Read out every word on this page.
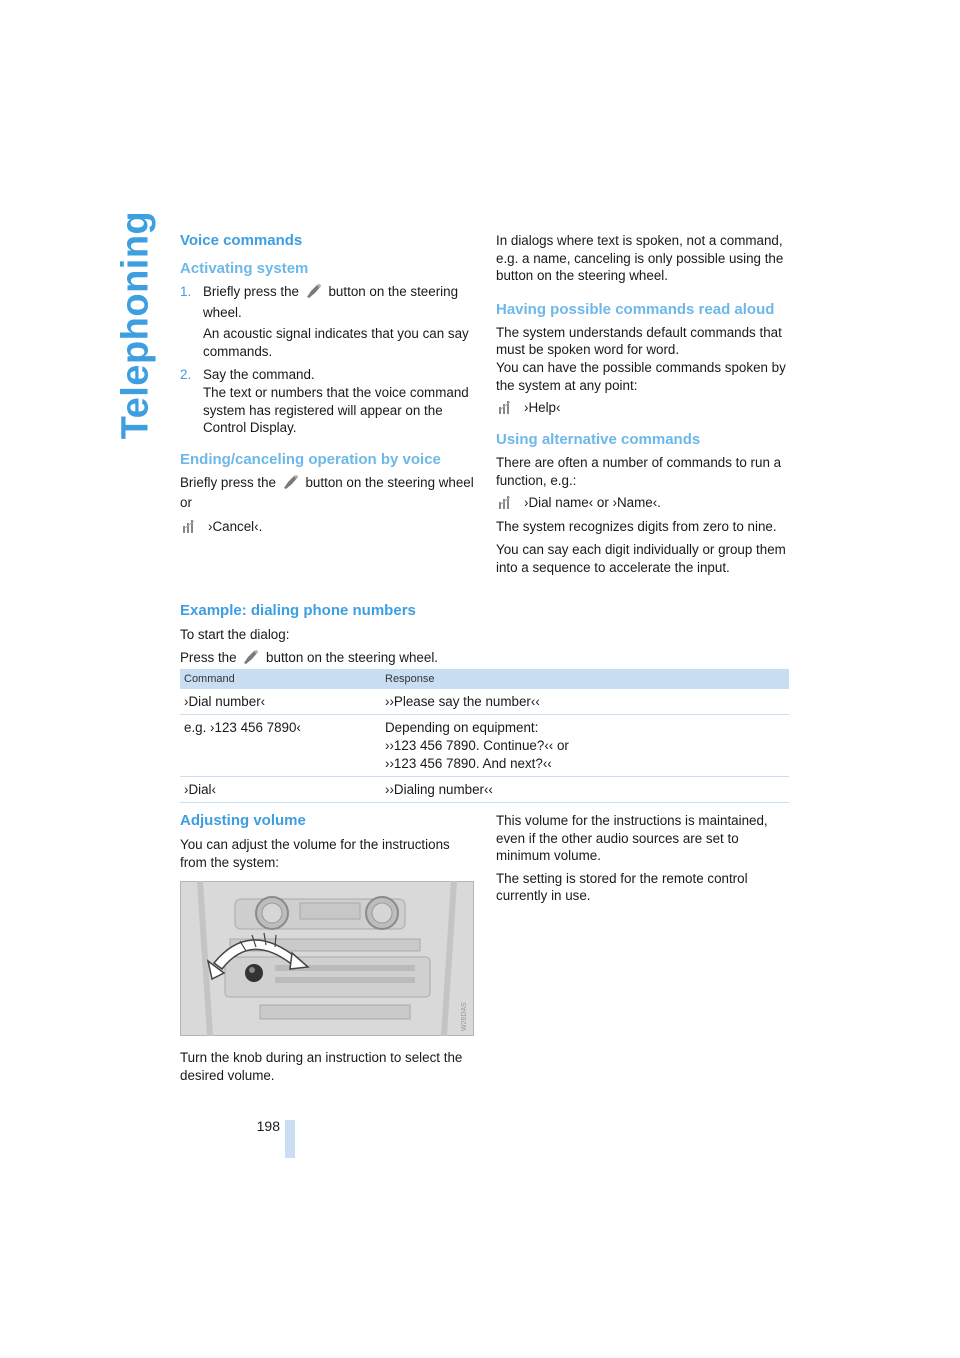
Telephoning Voice commands
Activating system
1. Briefly press the button on the steering wheel.
An acoustic signal indicates that you can say commands.
2. Say the command.
The text or numbers that the voice command system has registered will appear on the Control Display.
Ending/canceling operation by voice

Briefly press the button on the steering wheel

or

›Cancel‹.

In dialogs where text is spoken, not a command, e.g. a name, canceling is only possible using the button on the steering wheel.

Having possible commands read aloud

The system understands default commands that must be spoken word for word.

You can have the possible commands spoken by the system at any point:

›Help‹
Using alternative commands

There are often a number of commands to run a function, e.g.:

›Dial name‹ or ›Name‹.

The system recognizes digits from zero to nine.

You can say each digit individually or group them into a sequence to accelerate the input.

Example: dialing phone numbers

To start the dialog:

Press the button on the steering wheel.

Command	Response
›Dial number‹	››Please say the number‹‹
e.g. ›123 456 7890‹	Depending on equipment:
››123 456 7890. Continue?‹‹ or
››123 456 7890. And next?‹‹
›Dial‹	››Dialing number‹‹
Adjusting volume

You can adjust the volume for the instructions from the system:

W26DAS

Turn the knob during an instruction to select the desired volume.

This volume for the instructions is maintained, even if the other audio sources are set to minimum volume.

The setting is stored for the remote control currently in use.

198
